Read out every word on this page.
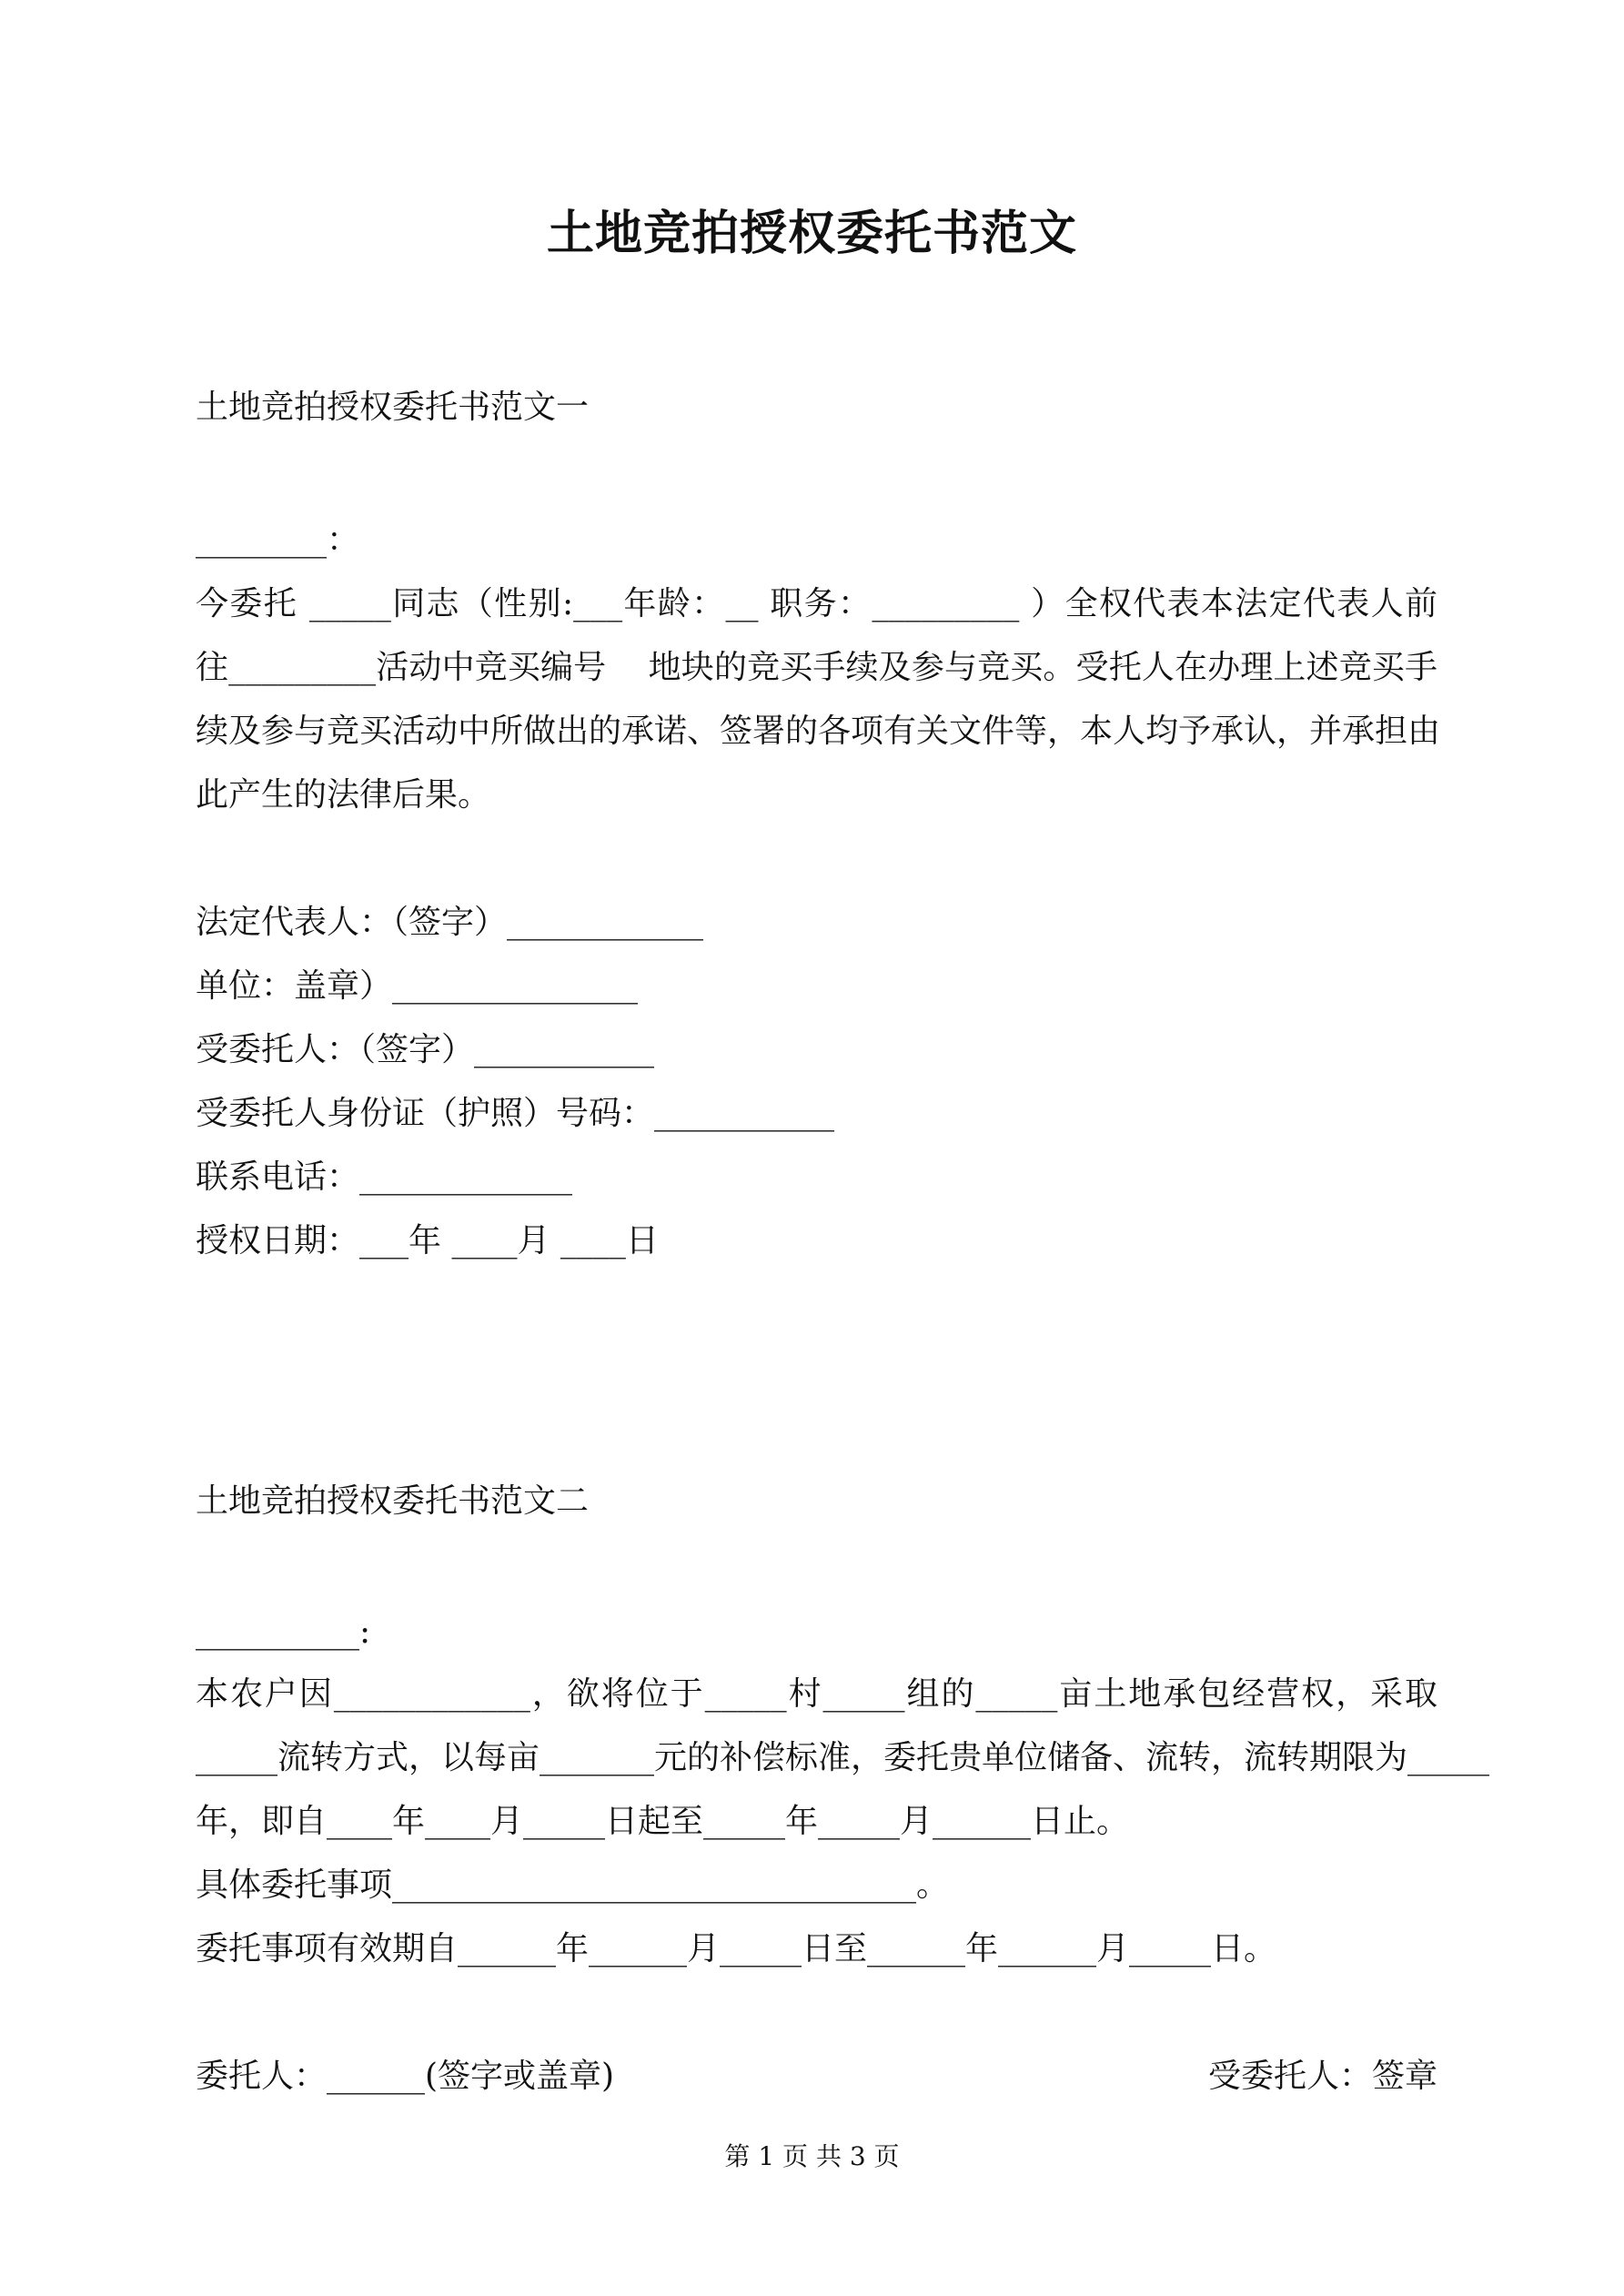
土地竞拍授权委托书范文
土地竞拍授权委托书范文一
________：
今委托 _____同志（性别:___年龄：__ 职务：_________ ）全权代表本法定代表人前
往_________活动中竞买编号    地块的竞买手续及参与竞买。受托人在办理上述竞买手
续及参与竞买活动中所做出的承诺、签署的各项有关文件等，本人均予承认，并承担由
此产生的法律后果。
法定代表人：（签字）____________
单位：盖章）_______________
受委托人：（签字）___________
受委托人身份证（护照）号码：___________
联系电话：_____________
授权日期：___年 ____月 ____日
土地竞拍授权委托书范文二
__________:
本农户因____________，欲将位于_____村_____组的_____亩土地承包经营权，采取
_____流转方式，以每亩_______元的补偿标准，委托贵单位储备、流转，流转期限为_____
年，即自____年____月_____日起至_____年_____月______日止。
具体委托事项________________________________。
委托事项有效期自______年______月_____日至______年______月_____日。
委托人：______(签字或盖章)	受委托人：签章
第 1 页 共 3 页
